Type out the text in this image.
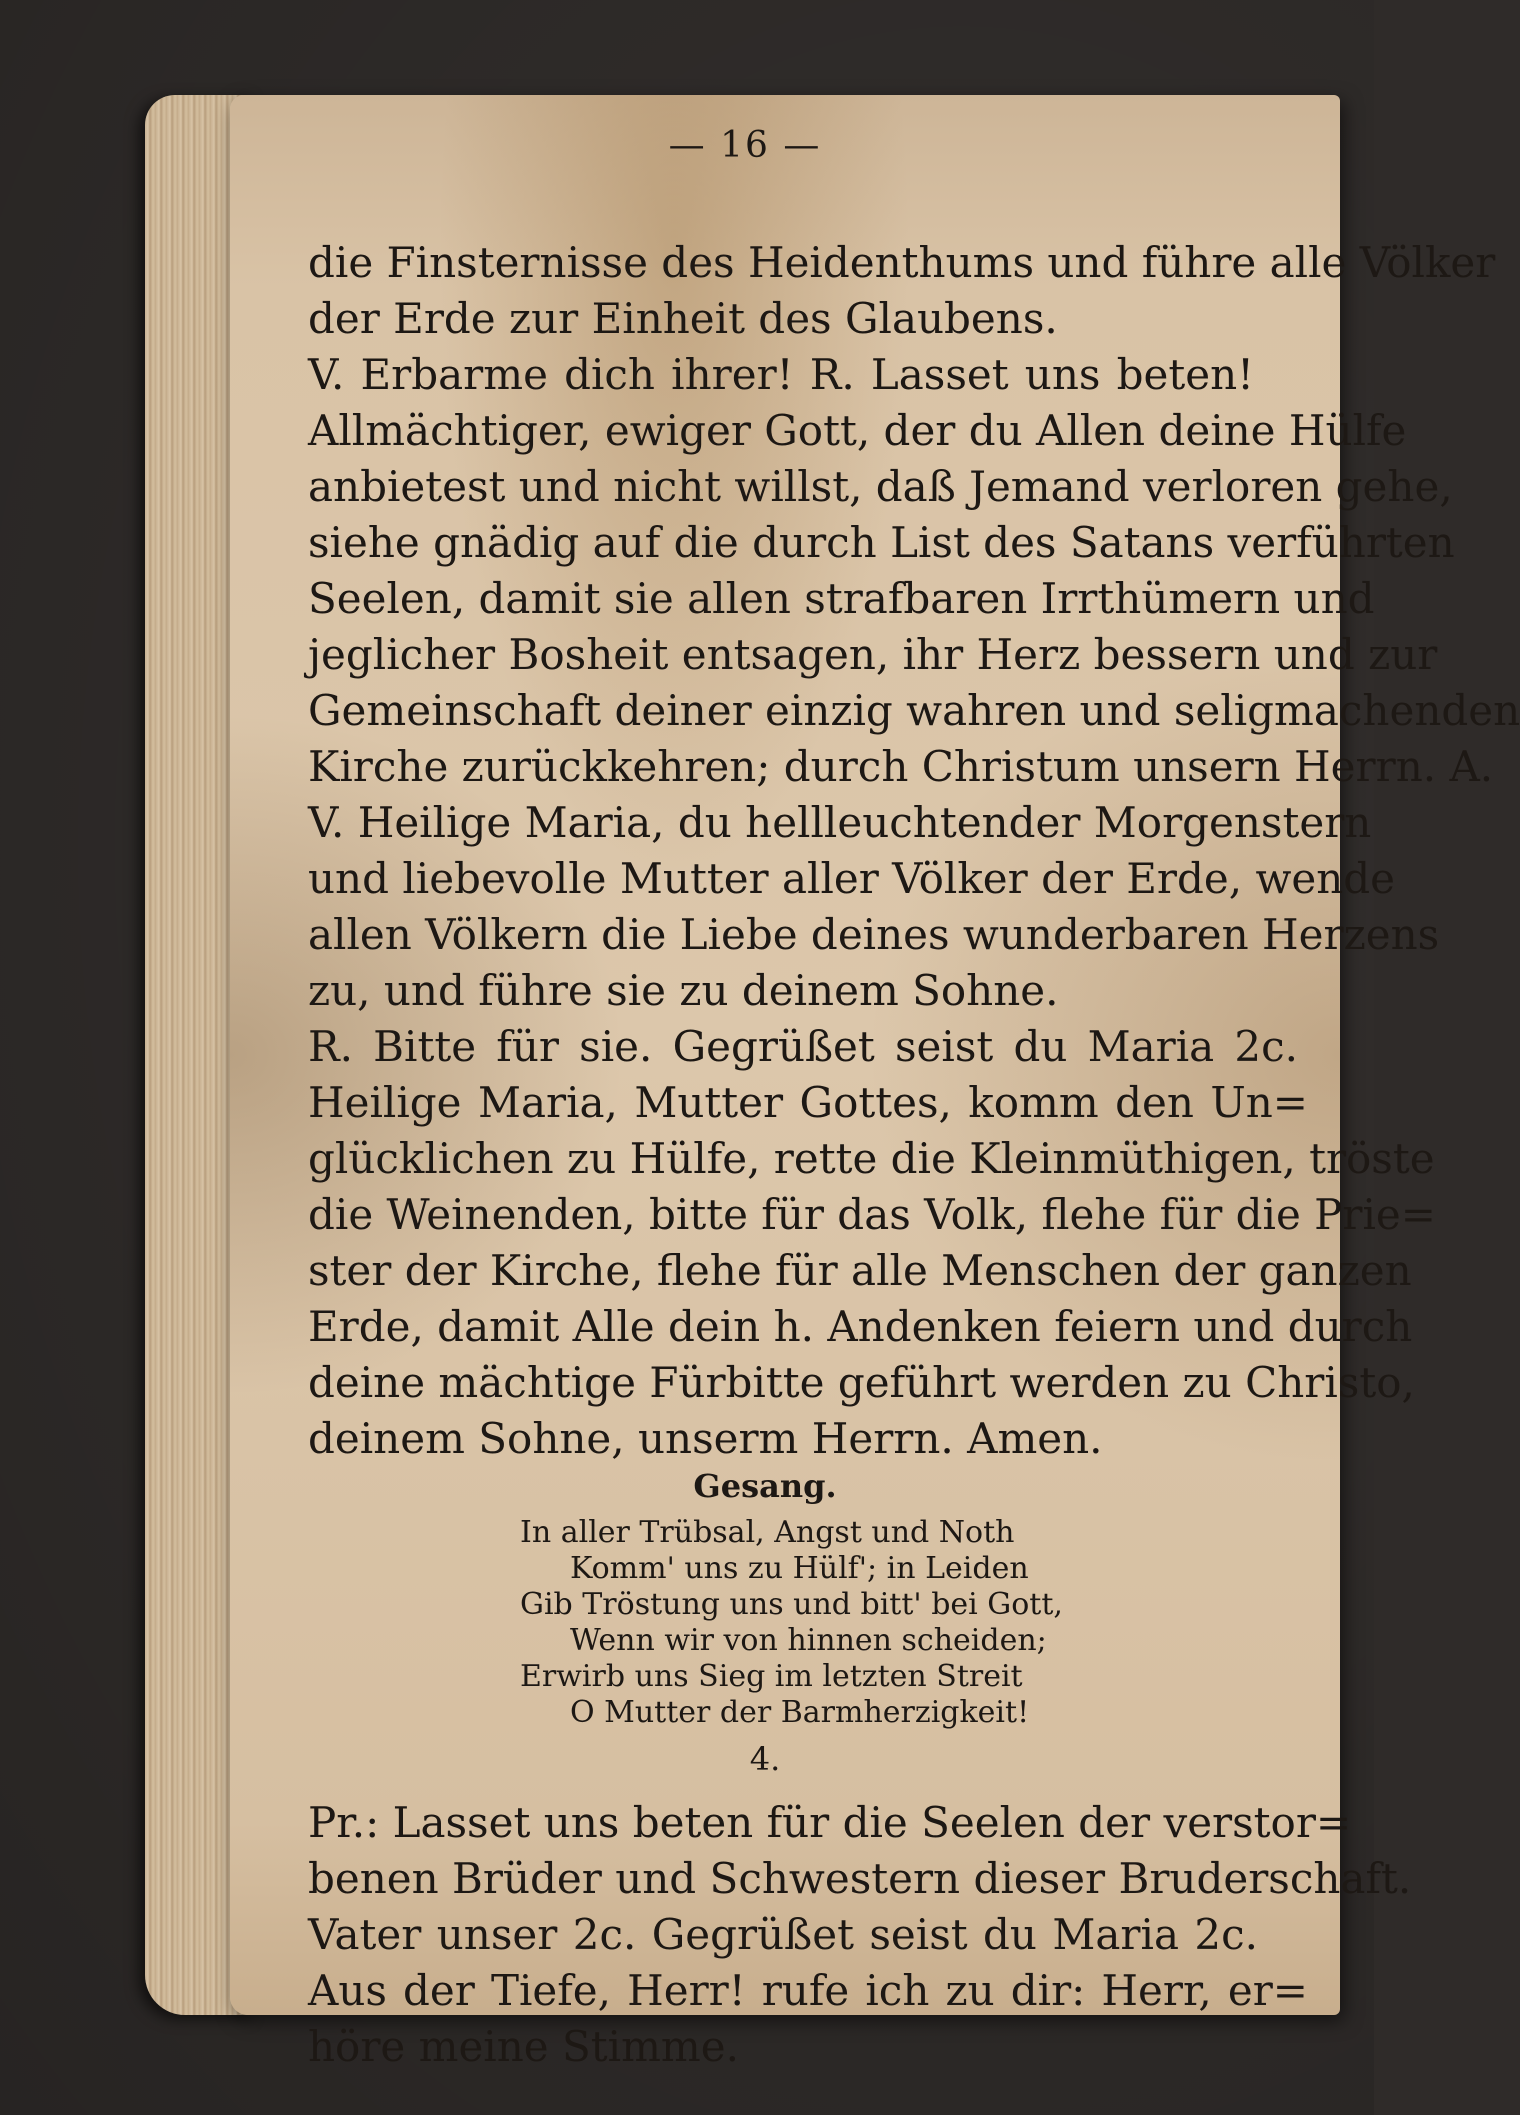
— 16 —
die Finsternisse des Heidenthums und führe alle Völker
der Erde zur Einheit des Glaubens.
V. Erbarme dich ihrer! R. Lasset uns beten!
Allmächtiger, ewiger Gott, der du Allen deine Hülfe
anbietest und nicht willst, daß Jemand verloren gehe,
siehe gnädig auf die durch List des Satans verführten
Seelen, damit sie allen strafbaren Irrthümern und
jeglicher Bosheit entsagen, ihr Herz bessern und zur
Gemeinschaft deiner einzig wahren und seligmachenden
Kirche zurückkehren; durch Christum unsern Herrn. A.
V. Heilige Maria, du hellleuchtender Morgenstern
und liebevolle Mutter aller Völker der Erde, wende
allen Völkern die Liebe deines wunderbaren Herzens
zu, und führe sie zu deinem Sohne.
R. Bitte für sie. Gegrüßet seist du Maria 2c.
Heilige Maria, Mutter Gottes, komm den Un=
glücklichen zu Hülfe, rette die Kleinmüthigen, tröste
die Weinenden, bitte für das Volk, flehe für die Prie=
ster der Kirche, flehe für alle Menschen der ganzen
Erde, damit Alle dein h. Andenken feiern und durch
deine mächtige Fürbitte geführt werden zu Christo,
deinem Sohne, unserm Herrn. Amen.
Gesang.
In aller Trübsal, Angst und Noth
Komm' uns zu Hülf'; in Leiden
Gib Tröstung uns und bitt' bei Gott,
Wenn wir von hinnen scheiden;
Erwirb uns Sieg im letzten Streit
O Mutter der Barmherzigkeit!
4.
Pr.: Lasset uns beten für die Seelen der verstor=
benen Brüder und Schwestern dieser Bruderschaft.
Vater unser 2c. Gegrüßet seist du Maria 2c.
Aus der Tiefe, Herr! rufe ich zu dir: Herr, er=
höre meine Stimme.
